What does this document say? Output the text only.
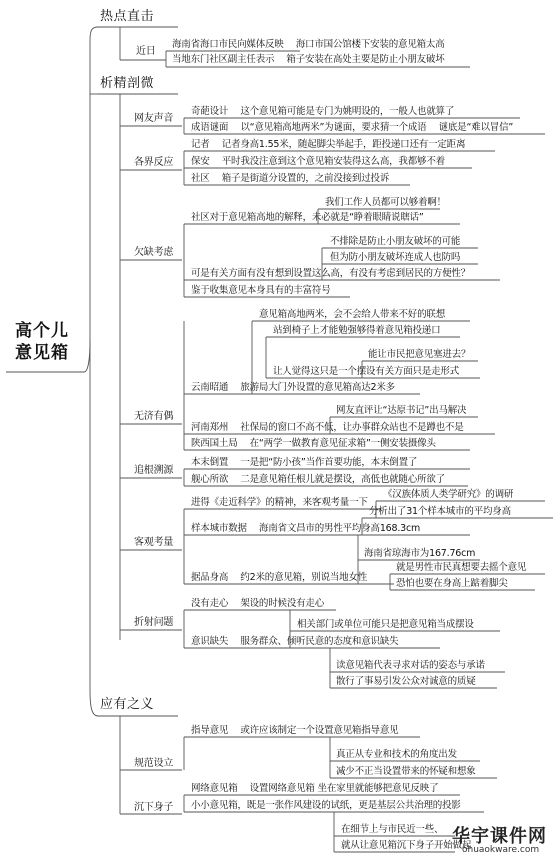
高个儿
意见箱
热点直击
析精剖微
应有之义
近日
海南省海口市民向媒体反映　 海口市国公馆楼下安装的意见箱太高
当地东门社区副主任表示　 箱子安装在高处主要是防止小朋友破坏
网友声音
各界反应
欠缺考虑
无济有偶
追根溯源
客观考量
折射问题
奇葩设计　 这个意见箱可能是专门为姚明设的，一般人也就算了
成语谜面　 以“意见箱高地两米”为谜面，要求猜一个成语　 谜底是“难以冒信”
记者　 记者身高1.55米，随起脚尖举起手，距投递口还有一定距离
保安　 平时我没注意到这个意见箱安装得这么高，我都够不着
社区　 箱子是街道分设置的，之前没接到过投诉
我们工作人员都可以够着啊！
社区对于意见箱高地的解释，未必就是“睁着眼睛说瞎话”
不排除是防止小朋友破坏的可能
但为防小朋友破坏连成人也防吗
可是有关方面有没有想到设置这么高，有没有考虑到居民的方便性？
鉴于收集意见本身具有的丰富符号
意见箱高地两米，会不会给人带来不好的联想
站到椅子上才能勉强够得着意见箱投递口
能让市民把意见塞进去？
让人觉得这只是一个摆设有关方面只是走形式
云南昭通　 旅游局大门外设置的意见箱高达2米多
网友直评让“达原书记”出马解决
河南郑州　 社保局的窗口不高不低，让办事群众站也不是蹲也不是
陕西国土局　 在“两学一做教育意见征求箱”一侧安装摄像头
本末倒置　 一是把“防小孩”当作首要功能，本末倒置了
舰心所欲　 二是意见箱任根儿就是摆设，高低也就随心所欲了
进得《走近科学》的精神，来客观考量一下
《汉族体质人类学研究》的调研
分析出了31个样本城市的平均身高
样本城市数据　 海南省文昌市的男性平均身高168.3cm
海南省琼海市为167.76cm
据品身高　 约2米的意见箱，别说当地女性
就是男性市民真想要去摇个意见
恐怕也要在身高上踮着脚尖
没有走心　 架设的时候没有走心
相关部门或单位可能只是把意见箱当成摆设
意识缺失　 服务群众、倾听民意的态度和意识缺失
读意见箱代表寻求对话的姿态与承诺
散行了事易引发公众对诚意的质疑
规范设立
沉下身子
指导意见　 或许应该制定一个设置意见箱指导意见
真正从专业和技术的角度出发
减少不正当设置带来的怀疑和想象
网络意见箱　 设置网络意见箱 坐在家里就能够把意见反映了
小小意见箱，既是一张作风建设的试纸，更是基层公共治理的投影
在细节上与市民近一些、
就从让意见箱沉下身子开始做起
华宇课件网
ohuaokware.com
